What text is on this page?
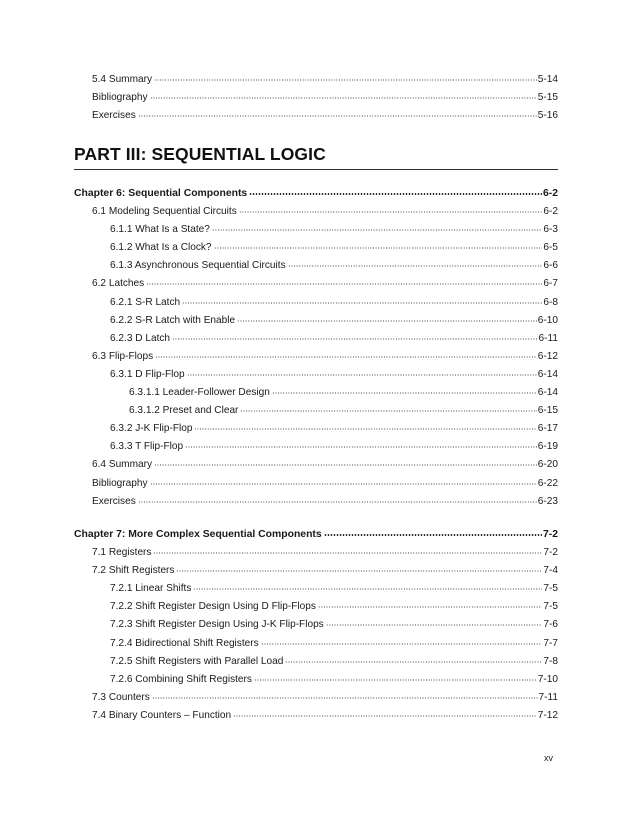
5.4 Summary	5-14
Bibliography	5-15
Exercises	5-16
PART III: SEQUENTIAL LOGIC
Chapter 6: Sequential Components	6-2
6.1 Modeling Sequential Circuits	6-2
6.1.1 What Is a State?	6-3
6.1.2 What Is a Clock?	6-5
6.1.3 Asynchronous Sequential Circuits	6-6
6.2 Latches	6-7
6.2.1 S-R Latch	6-8
6.2.2 S-R Latch with Enable	6-10
6.2.3 D Latch	6-11
6.3 Flip-Flops	6-12
6.3.1 D Flip-Flop	6-14
6.3.1.1 Leader-Follower Design	6-14
6.3.1.2 Preset and Clear	6-15
6.3.2 J-K Flip-Flop	6-17
6.3.3 T Flip-Flop	6-19
6.4 Summary	6-20
Bibliography	6-22
Exercises	6-23
Chapter 7: More Complex Sequential Components	7-2
7.1 Registers	7-2
7.2 Shift Registers	7-4
7.2.1 Linear Shifts	7-5
7.2.2 Shift Register Design Using D Flip-Flops	7-5
7.2.3 Shift Register Design Using J-K Flip-Flops	7-6
7.2.4 Bidirectional Shift Registers	7-7
7.2.5 Shift Registers with Parallel Load	7-8
7.2.6 Combining Shift Registers	7-10
7.3 Counters	7-11
7.4 Binary Counters – Function	7-12
xv
